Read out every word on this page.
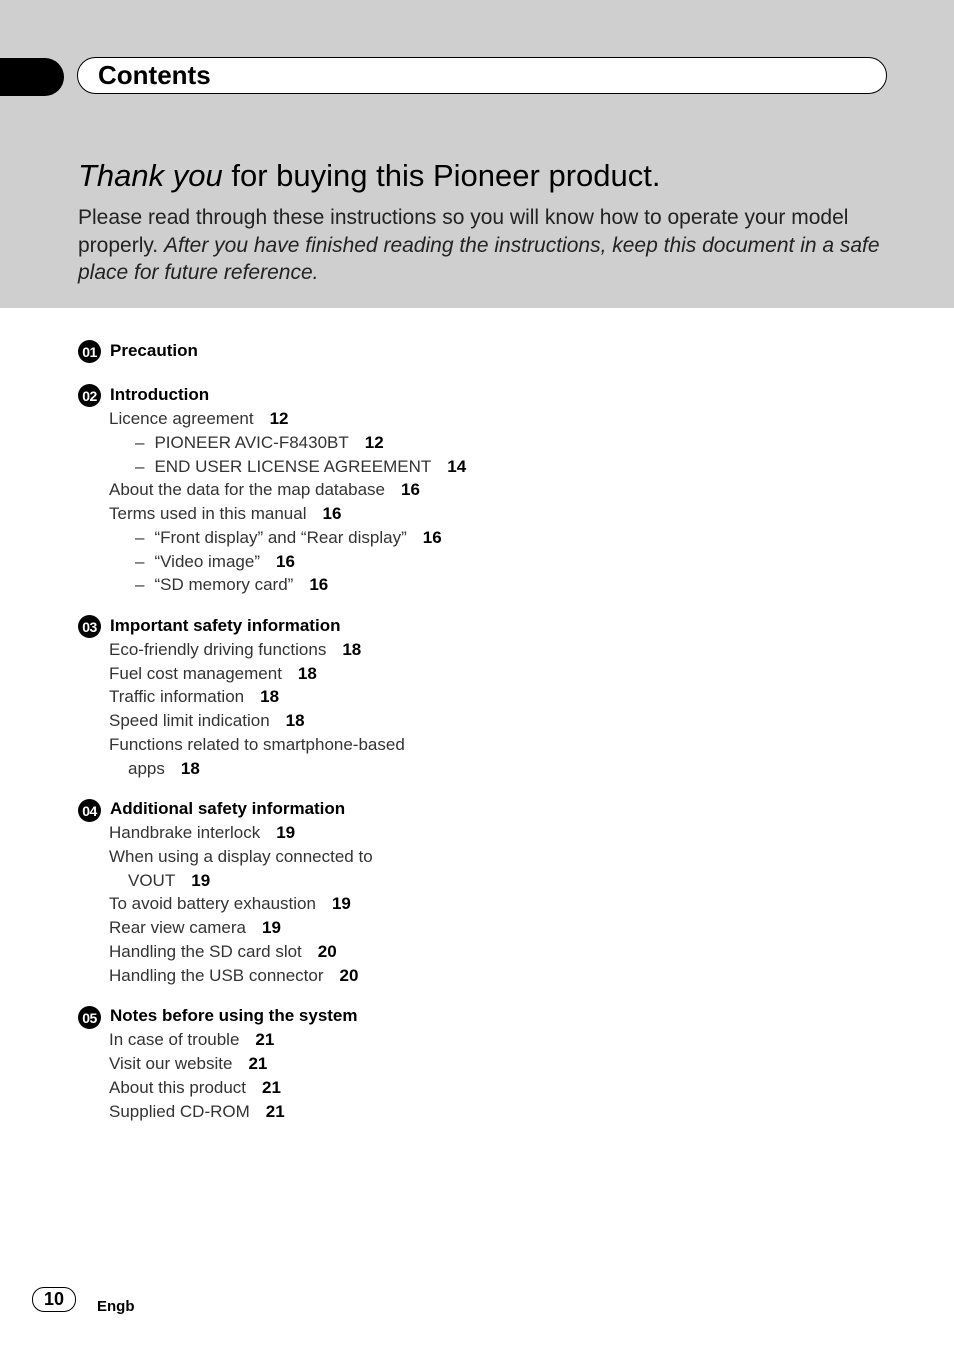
Contents
Thank you for buying this Pioneer product.
Please read through these instructions so you will know how to operate your model properly. After you have finished reading the instructions, keep this document in a safe place for future reference.
01 Precaution
02 Introduction
Licence agreement 12
– PIONEER AVIC-F8430BT 12
– END USER LICENSE AGREEMENT 14
About the data for the map database 16
Terms used in this manual 16
– “Front display” and “Rear display” 16
– “Video image” 16
– “SD memory card” 16
03 Important safety information
Eco-friendly driving functions 18
Fuel cost management 18
Traffic information 18
Speed limit indication 18
Functions related to smartphone-based
apps 18
04 Additional safety information
Handbrake interlock 19
When using a display connected to
VOUT 19
To avoid battery exhaustion 19
Rear view camera 19
Handling the SD card slot 20
Handling the USB connector 20
05 Notes before using the system
In case of trouble 21
Visit our website 21
About this product 21
Supplied CD-ROM 21
10	Engb
